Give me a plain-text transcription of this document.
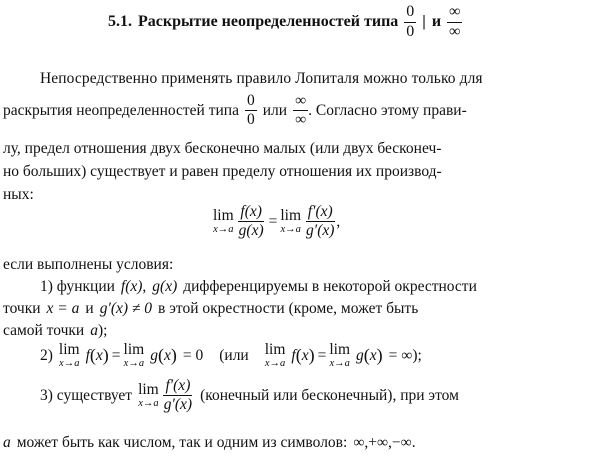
5.1. Раскрытие неопределенностей типа $\frac{0}{0}$ | и $\frac{\infty}{\infty}$
Непосредственно применять правило Лопиталя можно только для
раскрытия неопределенностей типа $\frac{0}{0}$ или $\frac{\infty}{\infty}$ . Согласно этому прави-
лу, предел отношения двух бесконечно малых (или двух бесконеч-
но больших) существует и равен пределу отношения их производ-
ных:
lim
$x\to a \frac{f(x)}{g(x)} = \lim$
$x\to a \frac{f'(x)}{g'(x)}$ ,
если выполнены условия:
1) функции f(x) , g(x) дифференцируемы в некоторой окрестности
точки x = a и g′(x) ≠ 0 в этой окрестности (кроме, может быть
самой точки a );
2) lim
x→a f ( x ) = lim
x→a g ( x ) = 0 (или lim
x→a f ( x ) = lim
x→a g ( x ) = ∞ );
3) существует lim
$x\to a \frac{f'(x)}{g'(x)}$ (конечный или бесконечный), при этом
a может быть как числом, так и одним из символов: ∞,+∞,−∞.
